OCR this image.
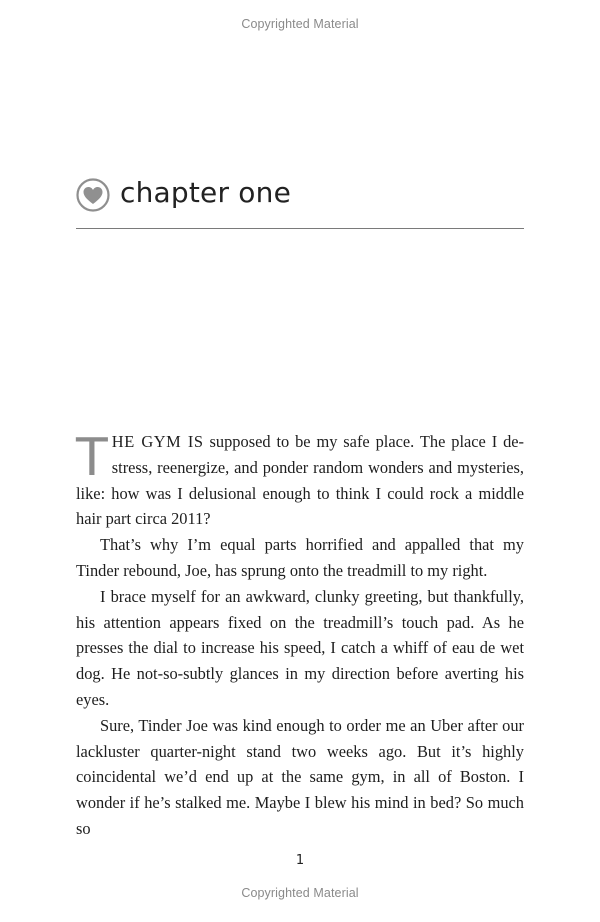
Copyrighted Material
chapter one

THE GYM IS supposed to be my safe place. The place I de-stress, reenergize, and ponder random wonders and mysteries, like: how was I delusional enough to think I could rock a middle hair part circa 2011?

That’s why I’m equal parts horrified and appalled that my Tinder rebound, Joe, has sprung onto the treadmill to my right.

I brace myself for an awkward, clunky greeting, but thankfully, his attention appears fixed on the treadmill’s touch pad. As he presses the dial to increase his speed, I catch a whiff of eau de wet dog. He not-so-subtly glances in my direction before averting his eyes.

Sure, Tinder Joe was kind enough to order me an Uber after our lackluster quarter-night stand two weeks ago. But it’s highly coincidental we’d end up at the same gym, in all of Boston. I wonder if he’s stalked me. Maybe I blew his mind in bed? So much so

1
Copyrighted Material
